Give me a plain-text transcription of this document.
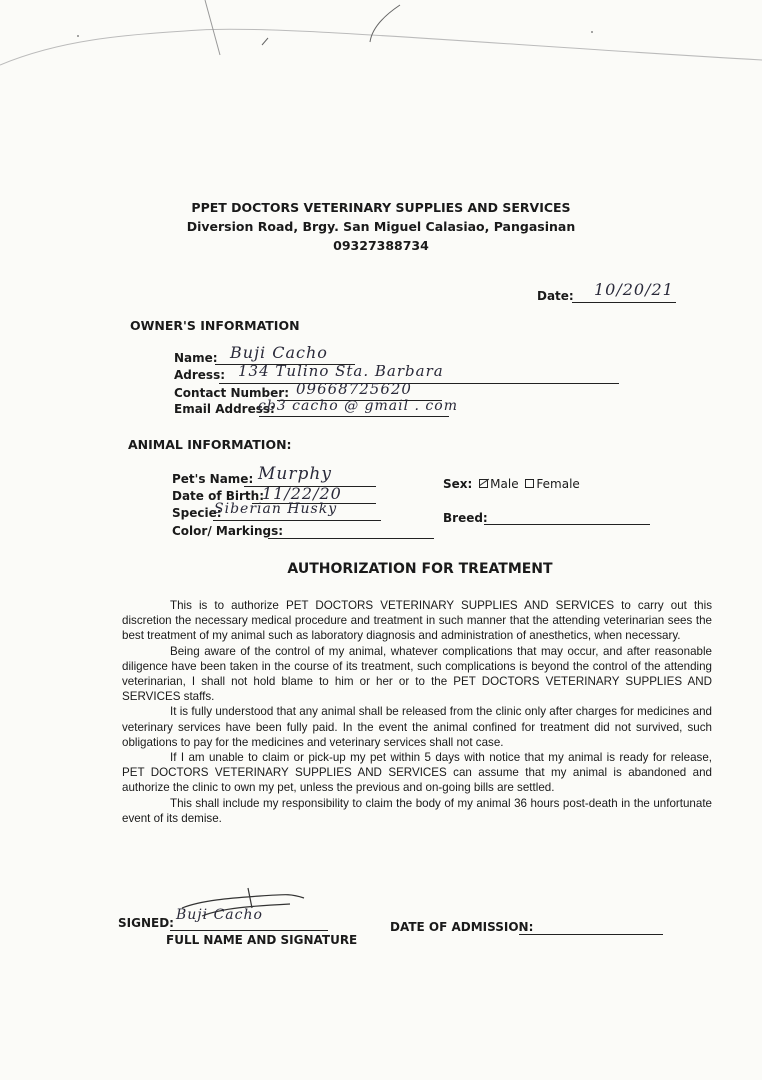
PPET DOCTORS VETERINARY SUPPLIES AND SERVICES
Diversion Road, Brgy. San Miguel Calasiao, Pangasinan
09327388734
Date: 10/20/21
OWNER'S INFORMATION
Name: Buji Cacho
Adress: 134 Tulino Sta. Barbara
Contact Number: 09668725620
Email Address:
cb3 cacho @ gmail . com
ANIMAL INFORMATION:
Pet's Name: Murphy
Date of Birth:
11/22/20
Specie:
Siberian Husky
Color/ Markings:
Sex: Male Female
Breed:
AUTHORIZATION FOR TREATMENT

This is to authorize PET DOCTORS VETERINARY SUPPLIES AND SERVICES to carry out this discretion the necessary medical procedure and treatment in such manner that the attending veterinarian sees the best treatment of my animal such as laboratory diagnosis and administration of anesthetics, when necessary.

Being aware of the control of my animal, whatever complications that may occur, and after reasonable diligence have been taken in the course of its treatment, such complications is beyond the control of the attending veterinarian, I shall not hold blame to him or her or to the PET DOCTORS VETERINARY SUPPLIES AND SERVICES staffs.

It is fully understood that any animal shall be released from the clinic only after charges for medicines and veterinary services have been fully paid. In the event the animal confined for treatment did not survived, such obligations to pay for the medicines and veterinary services shall not case.

If I am unable to claim or pick-up my pet within 5 days with notice that my animal is ready for release, PET DOCTORS VETERINARY SUPPLIES AND SERVICES can assume that my animal is abandoned and authorize the clinic to own my pet, unless the previous and on-going bills are settled.

This shall include my responsibility to claim the body of my animal 36 hours post-death in the unfortunate event of its demise.

SIGNED: Buji Cacho
FULL NAME AND SIGNATURE
DATE OF ADMISSION:
